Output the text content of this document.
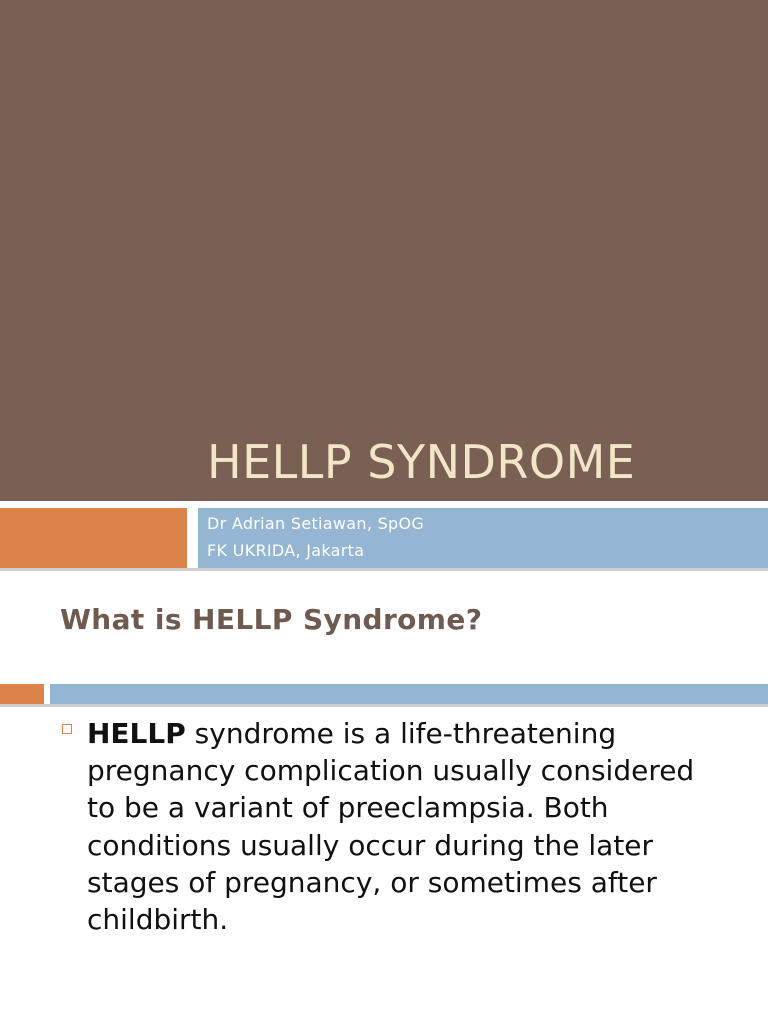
HELLP SYNDROME
Dr Adrian Setiawan, SpOG
FK UKRIDA, Jakarta
What is HELLP Syndrome?
HELLP syndrome is a life-threatening pregnancy complication usually considered to be a variant of preeclampsia. Both conditions usually occur during the later stages of pregnancy, or sometimes after childbirth.
